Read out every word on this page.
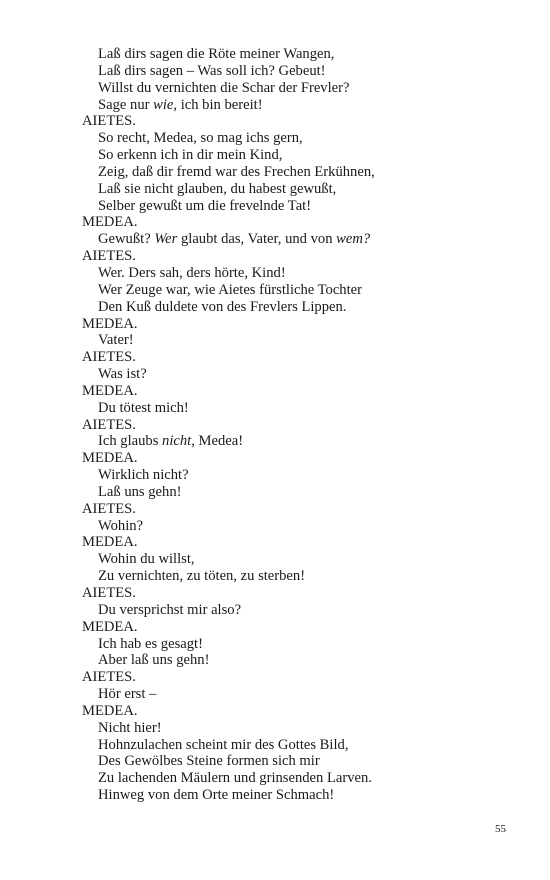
Laß dirs sagen die Röte meiner Wangen,
Laß dirs sagen – Was soll ich? Gebeut!
Willst du vernichten die Schar der Frevler?
Sage nur wie, ich bin bereit!
AIETES.
So recht, Medea, so mag ichs gern,
So erkenn ich in dir mein Kind,
Zeig, daß dir fremd war des Frechen Erkühnen,
Laß sie nicht glauben, du habest gewußt,
Selber gewußt um die frevelnde Tat!
MEDEA.
Gewußt? Wer glaubt das, Vater, und von wem?
AIETES.
Wer. Ders sah, ders hörte, Kind!
Wer Zeuge war, wie Aietes fürstliche Tochter
Den Kuß duldete von des Frevlers Lippen.
MEDEA.
Vater!
AIETES.
Was ist?
MEDEA.
Du tötest mich!
AIETES.
Ich glaubs nicht, Medea!
MEDEA.
Wirklich nicht?
Laß uns gehn!
AIETES.
Wohin?
MEDEA.
Wohin du willst,
Zu vernichten, zu töten, zu sterben!
AIETES.
Du versprichst mir also?
MEDEA.
Ich hab es gesagt!
Aber laß uns gehn!
AIETES.
Hör erst –
MEDEA.
Nicht hier!
Hohnzulachen scheint mir des Gottes Bild,
Des Gewölbes Steine formen sich mir
Zu lachenden Mäulern und grinsenden Larven.
Hinweg von dem Orte meiner Schmach!
55
